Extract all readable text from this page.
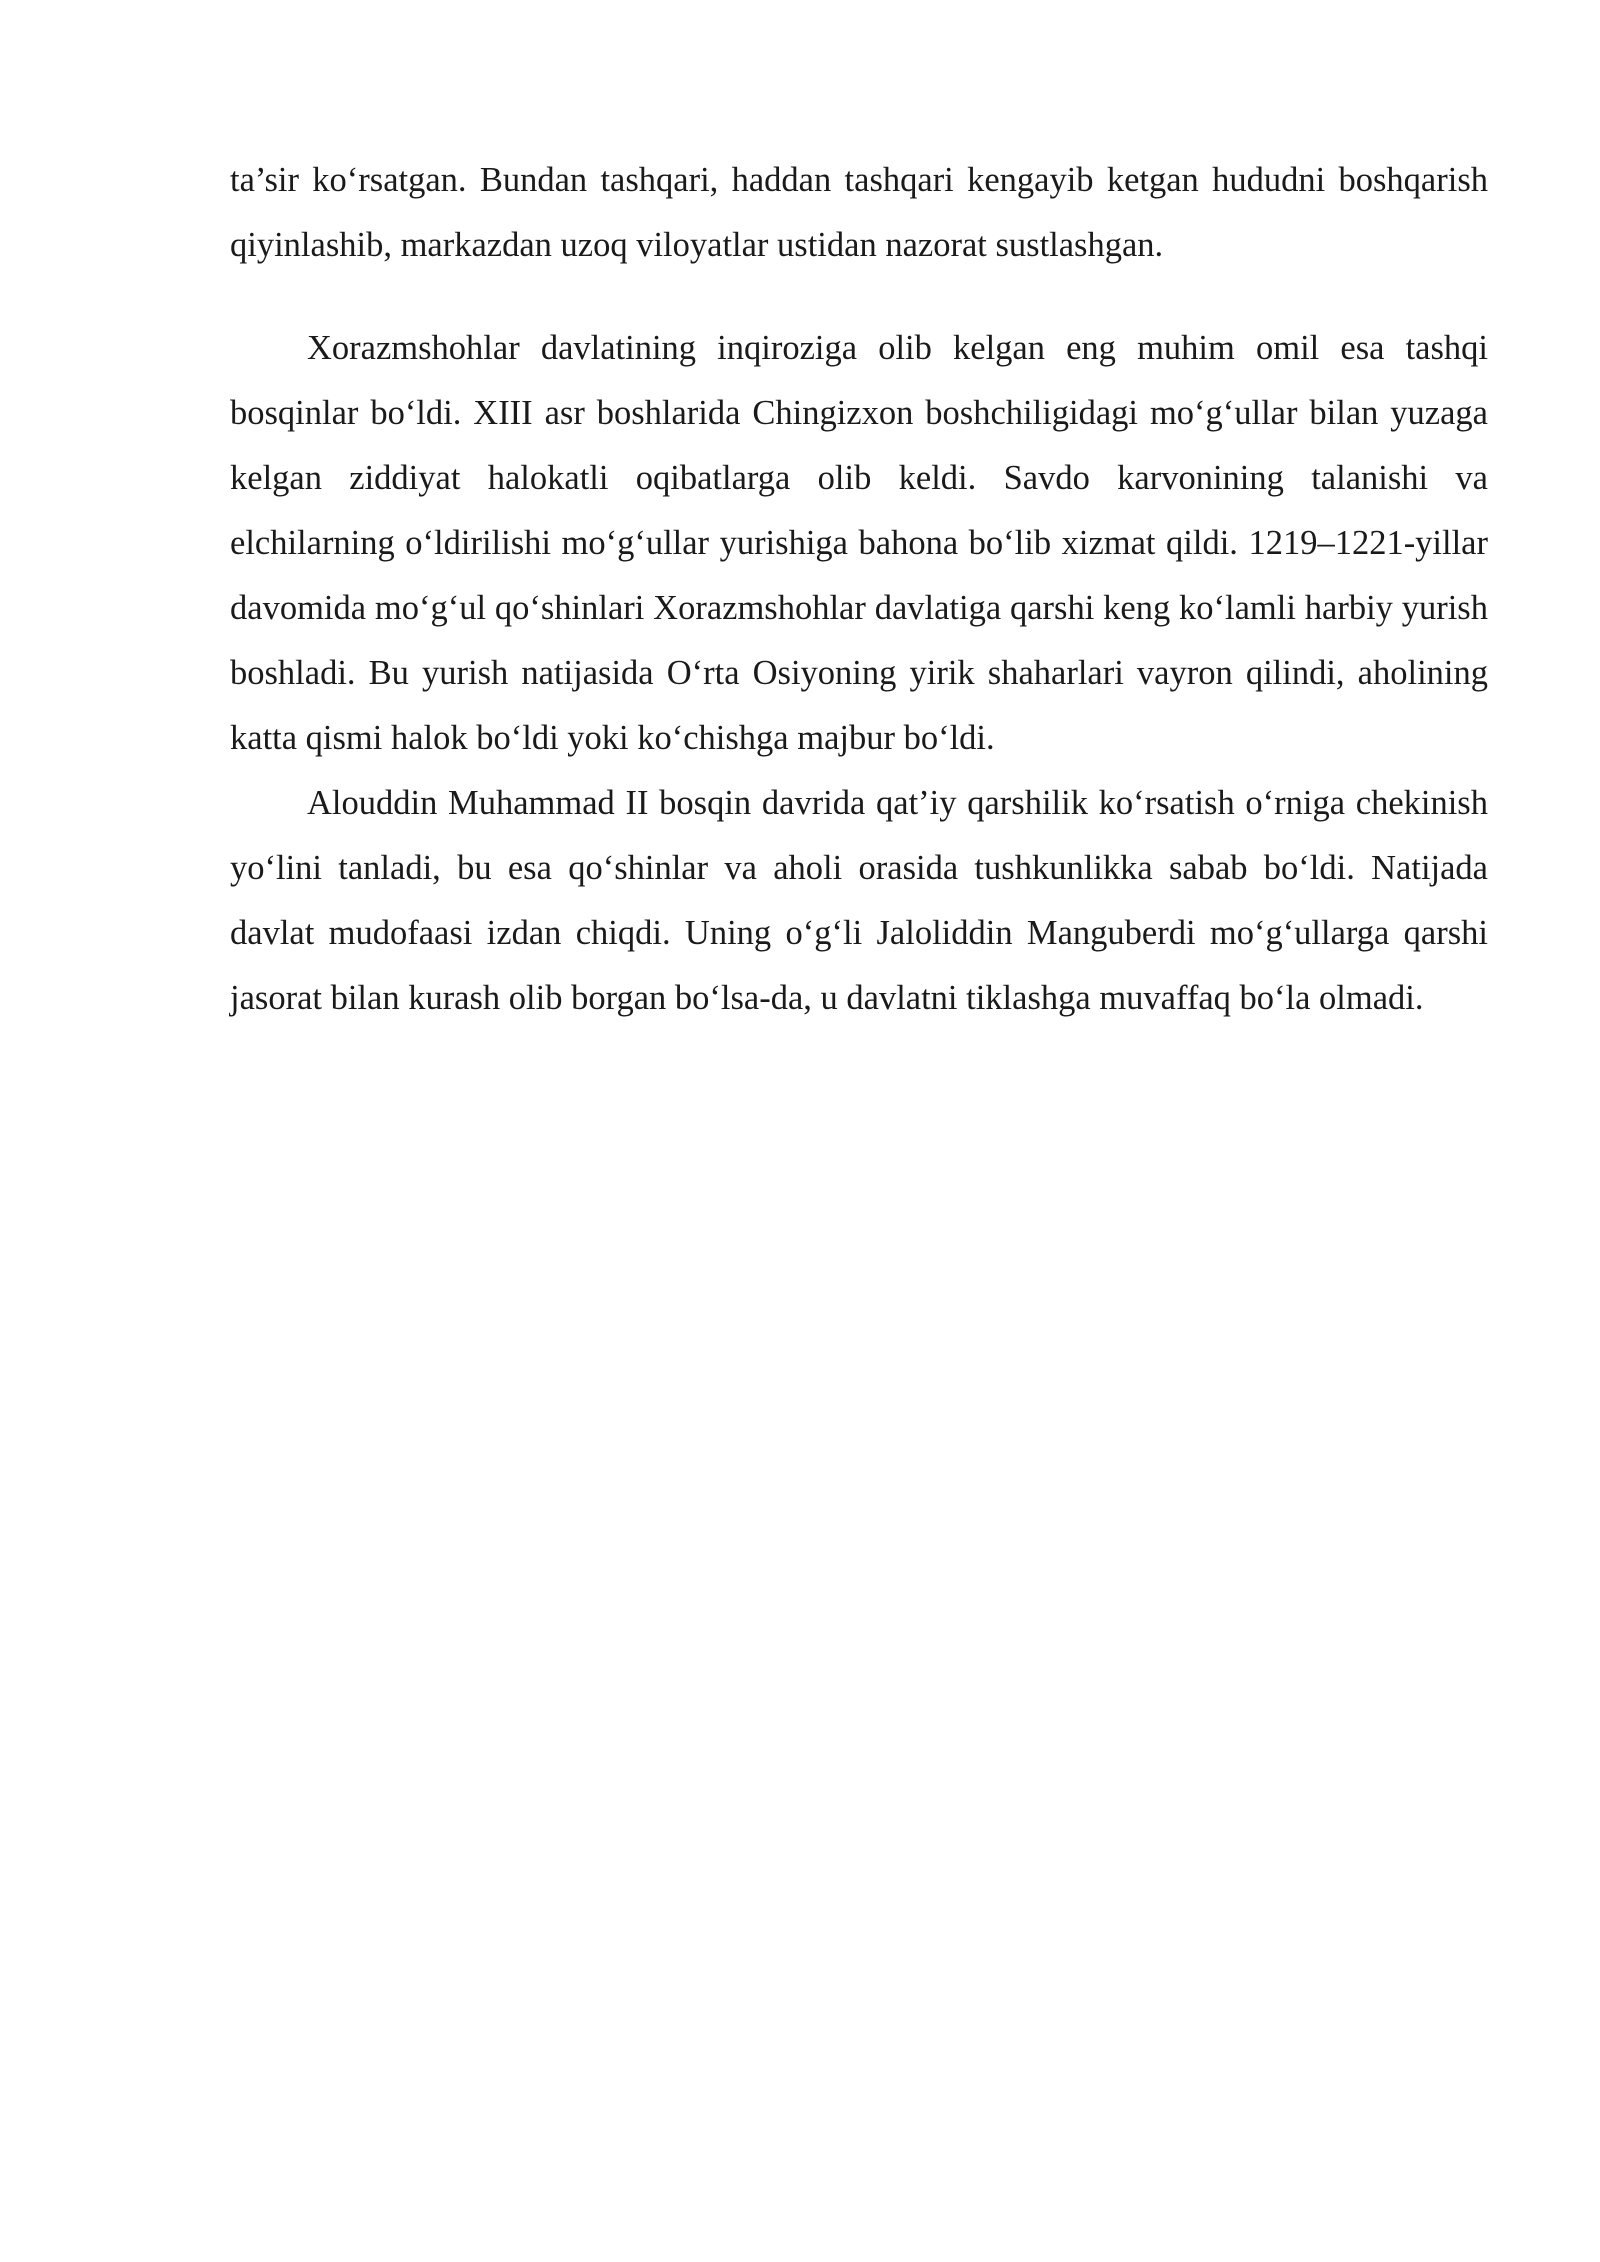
ta’sir ko‘rsatgan. Bundan tashqari, haddan tashqari kengayib ketgan hududni boshqarish qiyinlashib, markazdan uzoq viloyatlar ustidan nazorat sustlashgan.

Xorazmshohlar davlatining inqiroziga olib kelgan eng muhim omil esa tashqi bosqinlar bo‘ldi. XIII asr boshlarida Chingizxon boshchiligidagi mo‘g‘ullar bilan yuzaga kelgan ziddiyat halokatli oqibatlarga olib keldi. Savdo karvonining talanishi va elchilarning o‘ldirilishi mo‘g‘ullar yurishiga bahona bo‘lib xizmat qildi. 1219–1221-yillar davomida mo‘g‘ul qo‘shinlari Xorazmshohlar davlatiga qarshi keng ko‘lamli harbiy yurish boshladi. Bu yurish natijasida O‘rta Osiyoning yirik shaharlari vayron qilindi, aholining katta qismi halok bo‘ldi yoki ko‘chishga majbur bo‘ldi.

Alouddin Muhammad II bosqin davrida qat’iy qarshilik ko‘rsatish o‘rniga chekinish yo‘lini tanladi, bu esa qo‘shinlar va aholi orasida tushkunlikka sabab bo‘ldi. Natijada davlat mudofaasi izdan chiqdi. Uning o‘g‘li Jaloliddin Manguberdi mo‘g‘ullarga qarshi jasorat bilan kurash olib borgan bo‘lsa-da, u davlatni tiklashga muvaffaq bo‘la olmadi.
